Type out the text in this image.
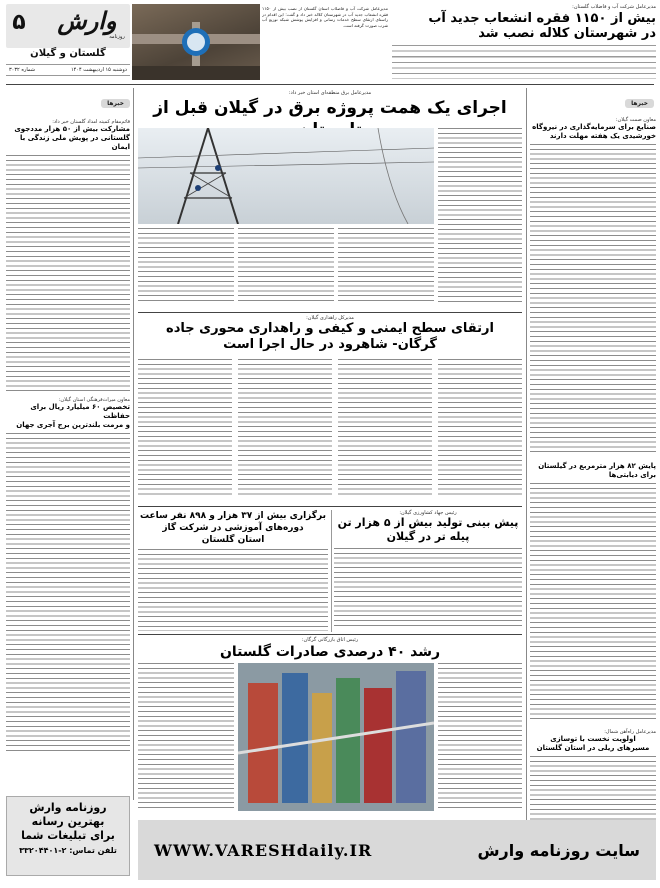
۵	وارش
روزنامه
گلستان و گیلان
دوشنبه ۱۵ اردیبهشت ۱۴۰۴
شماره ۳۰۳۲
مدیرعامل شرکت آب و فاضلاب استان گلستان از نصب بیش از ۱۱۵۰ فقره انشعاب جدید آب در شهرستان کلاله خبر داد و گفت: این اقدام در راستای ارتقای سطح خدمات رسانی و افزایش پوشش شبکه توزیع آب شرب صورت گرفته است.
مدیرعامل شرکت آب و فاضلاب گلستان:
بیش از ۱۱۵۰ فقره انشعاب جدید آب
در شهرستان کلاله نصب شد
خبرها
معاون صمت گیلان:
صنایع برای سرمایه‌گذاری در نیروگاه
خورشیدی یک هفته مهلت دارند
پایش ۸۲ هزار مترمربع در گیلستان برای دیابتی‌ها
مدیرعامل راه‌آهن شمال:
اولویت نخست با توسازی
مسیرهای ریلی در استان گلستان
خبرها
قائم‌مقام کمیته امداد گلستان خبر داد:
مشارکت بیش از ۵۰ هزار مددجوی
گلستانی در پویش ملی زندگی با ایمان
معاون میراث‌فرهنگی استان گیلان:
تخصیص ۶۰ میلیارد ریال برای حفاظت
و مرمت بلندترین برج آجری جهان
مدیرعامل برق منطقه‌ای استان خبر داد:
اجرای یک همت پروژه برق در گیلان قبل از
مدیرکل راهداری گیلان:
ارتقای سطح ایمنی و کیفی و راهداری محوری جاده
گرگان- شاهرود در حال اجرا است
رئیس جهاد کشاورزی گیلان:
پیش بینی تولید بیش از ۵ هزار تن
پیله تر در گیلان
برگزاری بیش از ۳۷ هزار و ۸۹۸ نفر ساعت
دوره‌های آموزشی در شرکت گاز
استان گلستان
رئیس اتاق بازرگانی گرگان:
رشد ۴۰ درصدی صادرات گلستان
روزنامه وارش
بهترین رسانه
برای تبلیغات شما
تلفن تماس: ۲-۳۳۲۰۴۴۰۱	WWW.VARESHdaily.IR	سایت روزنامه وارش
